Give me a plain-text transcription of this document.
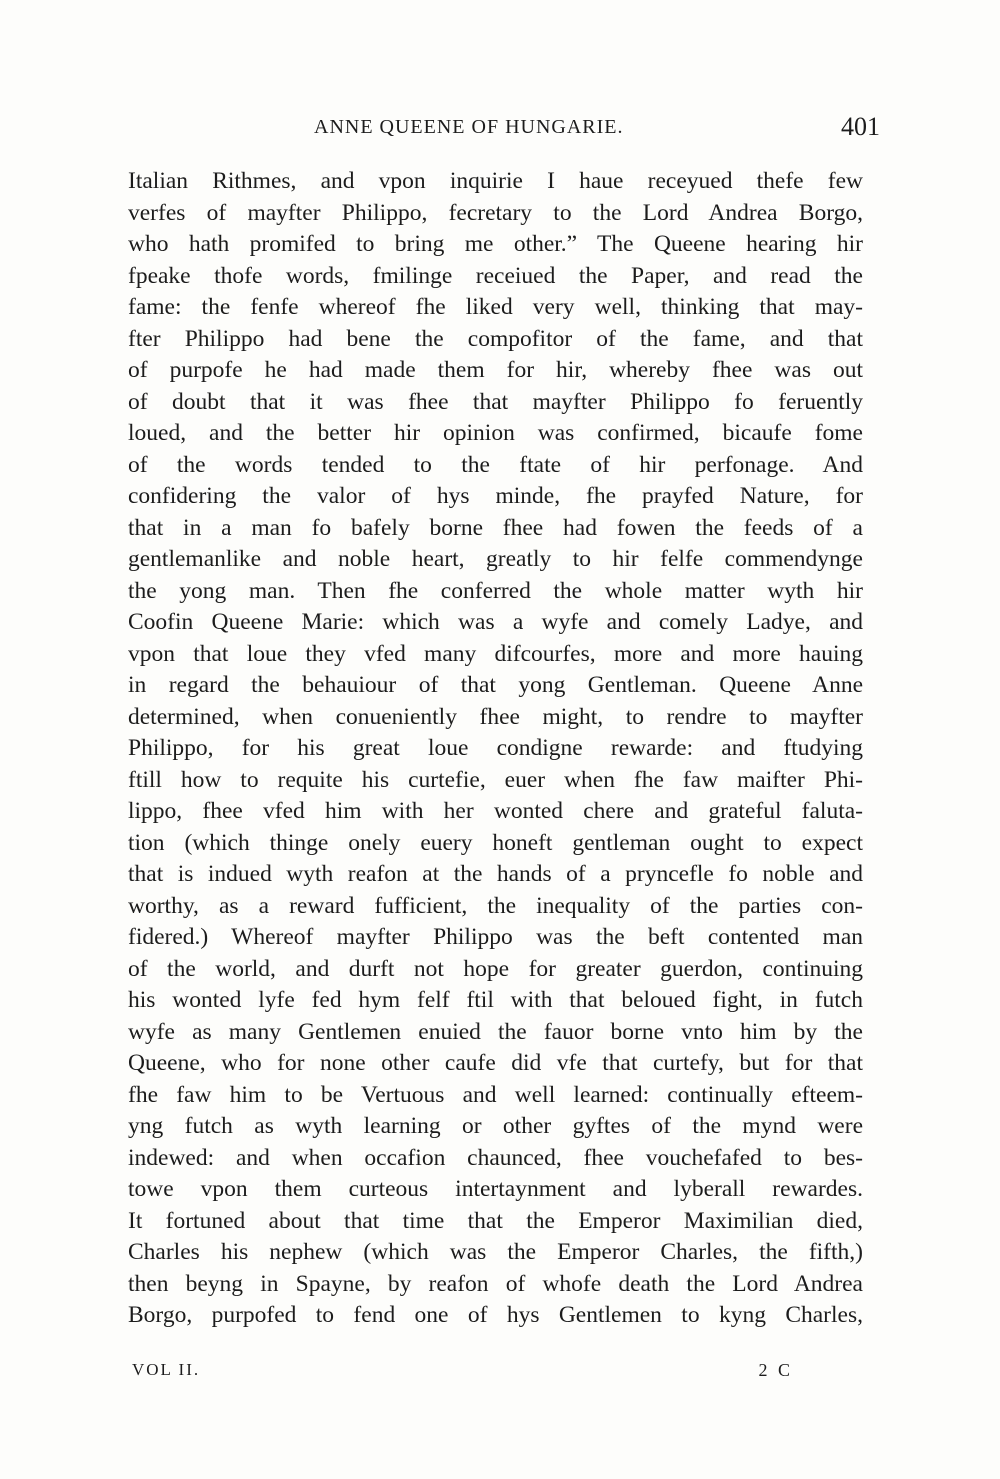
ANNE QUEENE OF HUNGARIE.	401
Italian Rithmes, and vpon inquirie I haue receyued thefe few
verfes of mayfter Philippo, fecretary to the Lord Andrea Borgo,
who hath promifed to bring me other.” The Queene hearing hir
fpeake thofe words, fmilinge receiued the Paper, and read the
fame: the fenfe whereof fhe liked very well, thinking that may-
fter Philippo had bene the compofitor of the fame, and that
of purpofe he had made them for hir, whereby fhee was out
of doubt that it was fhee that mayfter Philippo fo feruently
loued, and the better hir opinion was confirmed, bicaufe fome
of the words tended to the ftate of hir perfonage. And
confidering the valor of hys minde, fhe prayfed Nature, for
that in a man fo bafely borne fhee had fowen the feeds of a
gentlemanlike and noble heart, greatly to hir felfe commendynge
the yong man. Then fhe conferred the whole matter wyth hir
Coofin Queene Marie: which was a wyfe and comely Ladye, and
vpon that loue they vfed many difcourfes, more and more hauing
in regard the behauiour of that yong Gentleman. Queene Anne
determined, when conueniently fhee might, to rendre to mayfter
Philippo, for his great loue condigne rewarde: and ftudying
ftill how to requite his curtefie, euer when fhe faw maifter Phi-
lippo, fhee vfed him with her wonted chere and grateful faluta-
tion (which thinge onely euery honeft gentleman ought to expect
that is indued wyth reafon at the hands of a pryncefle fo noble and
worthy, as a reward fufficient, the inequality of the parties con-
fidered.) Whereof mayfter Philippo was the beft contented man
of the world, and durft not hope for greater guerdon, continuing
his wonted lyfe fed hym felf ftil with that beloued fight, in futch
wyfe as many Gentlemen enuied the fauor borne vnto him by the
Queene, who for none other caufe did vfe that curtefy, but for that
fhe faw him to be Vertuous and well learned: continually efteem-
yng futch as wyth learning or other gyftes of the mynd were
indewed: and when occafion chaunced, fhee vouchefafed to bes-
towe vpon them curteous intertaynment and lyberall rewardes.
It fortuned about that time that the Emperor Maximilian died,
Charles his nephew (which was the Emperor Charles, the fifth,)
then beyng in Spayne, by reafon of whofe death the Lord Andrea
Borgo, purpofed to fend one of hys Gentlemen to kyng Charles,
VOL II.	2 C
